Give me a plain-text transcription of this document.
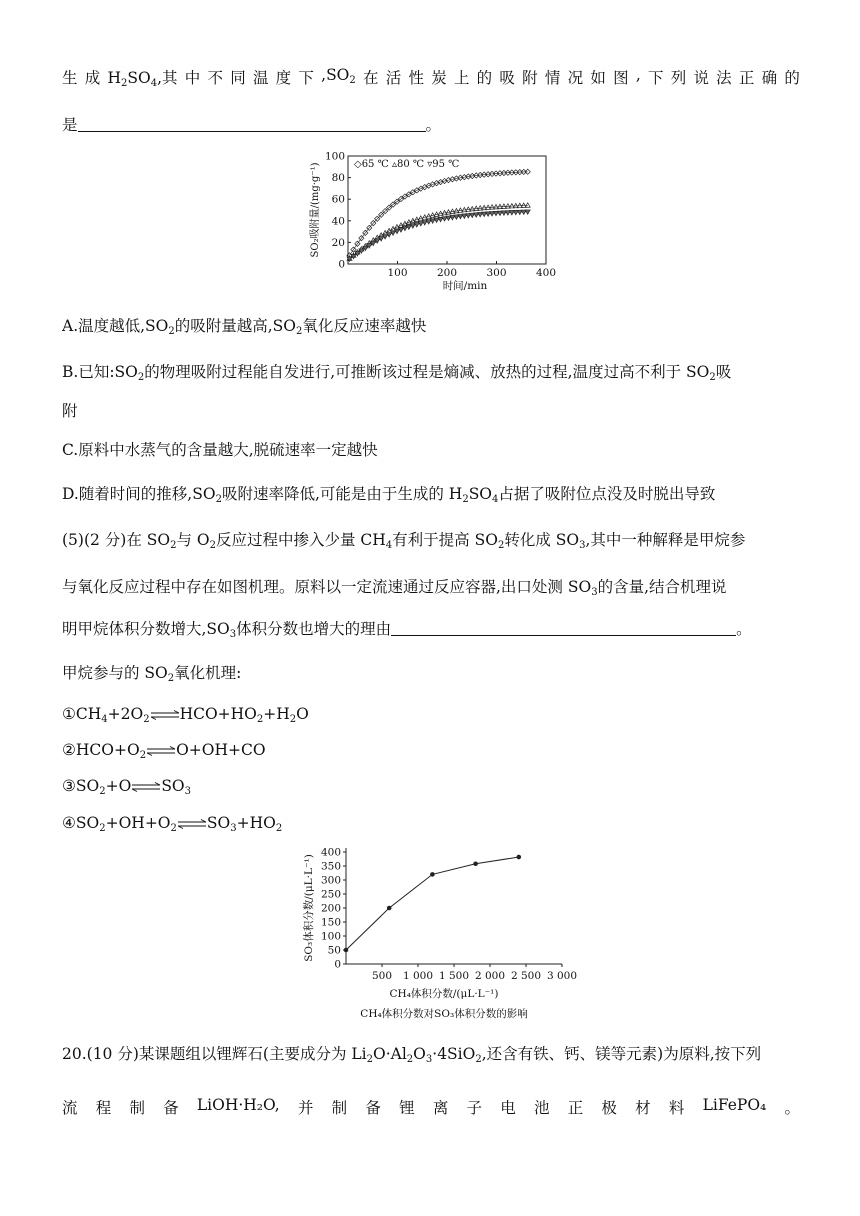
生 成 $H_2SO_4$,其 中 不 同 温 度 下 $,SO_2$ 在 活 性 炭 上 的 吸 附 情 况 如 图 , 下 列 说 法 正 确 的
是	。
0
20
40
60
80
100
100	200	300	400
时间/min
SO₂吸附量/(mg·g⁻¹)	◇65 ℃ ▵80 ℃ ▿95 ℃
A.温度越低$,SO_2$的吸附量越高$,SO_2$氧化反应速率越快
B.已知$:SO_2$的物理吸附过程能自发进行,可推断该过程是熵减、放热的过程,温度过高不利于 $SO_2$吸
附
C.原料中水蒸气的含量越大,脱硫速率一定越快
D.随着时间的推移$,SO_2$吸附速率降低,可能是由于生成的 $H_2SO_4$占据了吸附位点没及时脱出导致
(5)(2 分)在 $SO_2$与 $O_2$反应过程中掺入少量 $CH_4$有利于提高 $SO_2$转化成 $SO_3$,其中一种解释是甲烷参
与氧化反应过程中存在如图机理。原料以一定流速通过反应容器,出口处测 $SO_3$的含量,结合机理说
明甲烷体积分数增大$,SO_3$体积分数也增大的理由	。
甲烷参与的 $SO_2$氧化机理:
$①CH_4+2O_2\rightleftharpoons HCO+HO_2+H_2O$
$②HCO+O_2\rightleftharpoons O+OH+CO$
$③SO_2+O\rightleftharpoons SO_3$
$④SO_2+OH+O_2\rightleftharpoons SO_3+HO_2$
0
50
100
150
200
250
300
350
400
500 1 000 1 500 2 000 2 500 3 000
CH₄体积分数/(μL·L⁻¹)
CH₄体积分数对SO₃体积分数的影响
SO₃体积分数/(μL·L⁻¹)
20.(10 分)某课题组以锂辉石(主要成分为 $Li_2O\cdot Al_2O_3\cdot 4SiO_2$,还含有铁、钙、镁等元素)为原料,按下列
流 程 制 备 LiOH·H₂O, 并 制 备 锂 离 子 电 池 正 极 材 料 LiFePO₄ 。
